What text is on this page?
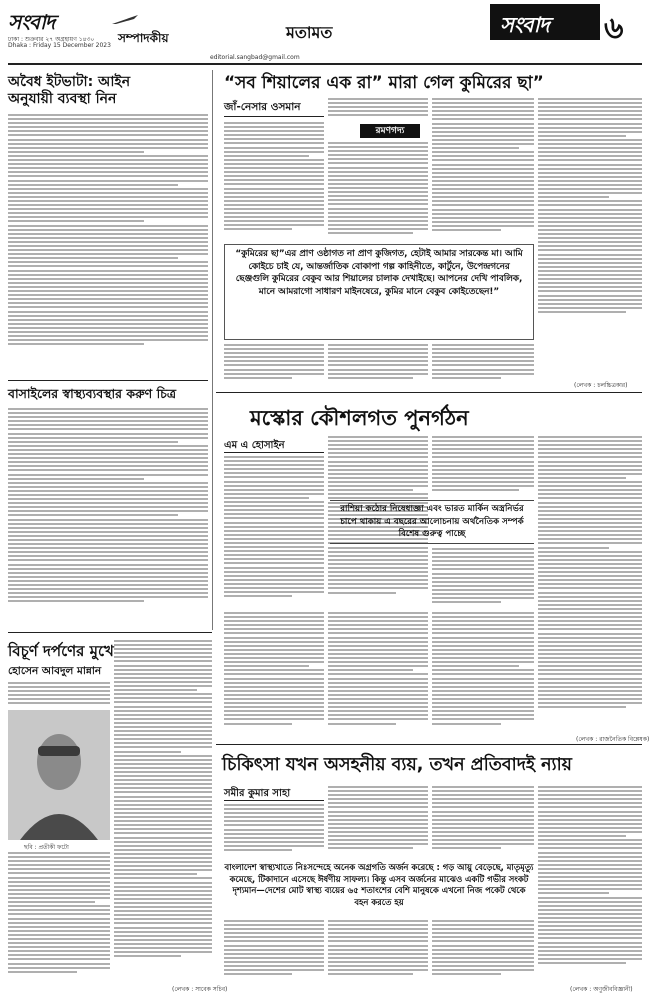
সংবাদ
ঢাকা : শুক্রবার ২৭ অগ্রহায়ণ ১৪৩০
Dhaka : Friday 15 December 2023
সম্পাদকীয়	মতামত	সংবাদ	৬
editorial.sangbad@gmail.com
অবৈধ ইটভাটা: আইন
অনুযায়ী ব্যবস্থা নিন
বাসাইলের স্বাস্থ্যব্যবস্থার করুণ চিত্র
“সব শিয়ালের এক রা” মারা গেল কুমিরের ছা”
জাঁ-নেসার ওসমান
রমণগদ্য
“কুমিরের ছা”এর প্রাণ ওষ্ঠাগত না প্রাণ কুজিগত, হেটাই আমার সারকেন্ত মা। আমি কোইচে চাই যে, আন্তর্জাতিক বোকাপা গল্প কাহিনীতে, কার্টুনে, উপেন্দ্রগনের ছেঞ্জগুলি কুমিরের বেকুব আর শিয়ালের চালাক দেখাইছে। আপনের দেখি পাবলিক, মানে আমরাগো সাধারণ মাইনষেরে, কুমির মানে বেকুব কোইতেছেন!”
(লেখক : চলচ্চিত্রকার)
মস্কোর কৌশলগত পুনর্গঠন
এম এ হোসাইন
রাশিয়া কঠোর নিষেধাজ্ঞা এবং ভারত মার্কিন অস্ত্রনির্ভর চাপে থাকায় এ বছরের আলোচনায় অর্থনৈতিক সম্পর্ক বিশেষ গুরুত্ব পাচ্ছে
(লেখক : রাজনৈতিক বিশ্লেষক)
বিচূর্ণ দর্পণের মুখে
হোসেন আবদুল মান্নান
ছবি : প্রতীকী ফটো
(লেখক : সাবেক সচিব)
চিকিৎসা যখন অসহনীয় ব্যয়, তখন প্রতিবাদই ন্যায়
সমীর কুমার সাহা
বাংলাদেশ স্বাস্থ্যখাতে নিঃসন্দেহে অনেক অগ্রগতি অর্জন করেছে : গড় আয়ু বেড়েছে, মাতৃমৃত্যু কমেছে, টিকাদানে এসেছে ঈর্ষণীয় সাফল্য। কিন্তু এসব অর্জনের মাঝেও একটি গভীর সংকট দৃশ্যমান—দেশের মোট স্বাস্থ্য ব্যয়ের ৬৫ শতাংশের বেশি মানুষকে এখনো নিজ পকেট থেকে বহন করতে হয়
(লেখক : অণুজীববিজ্ঞানী)
